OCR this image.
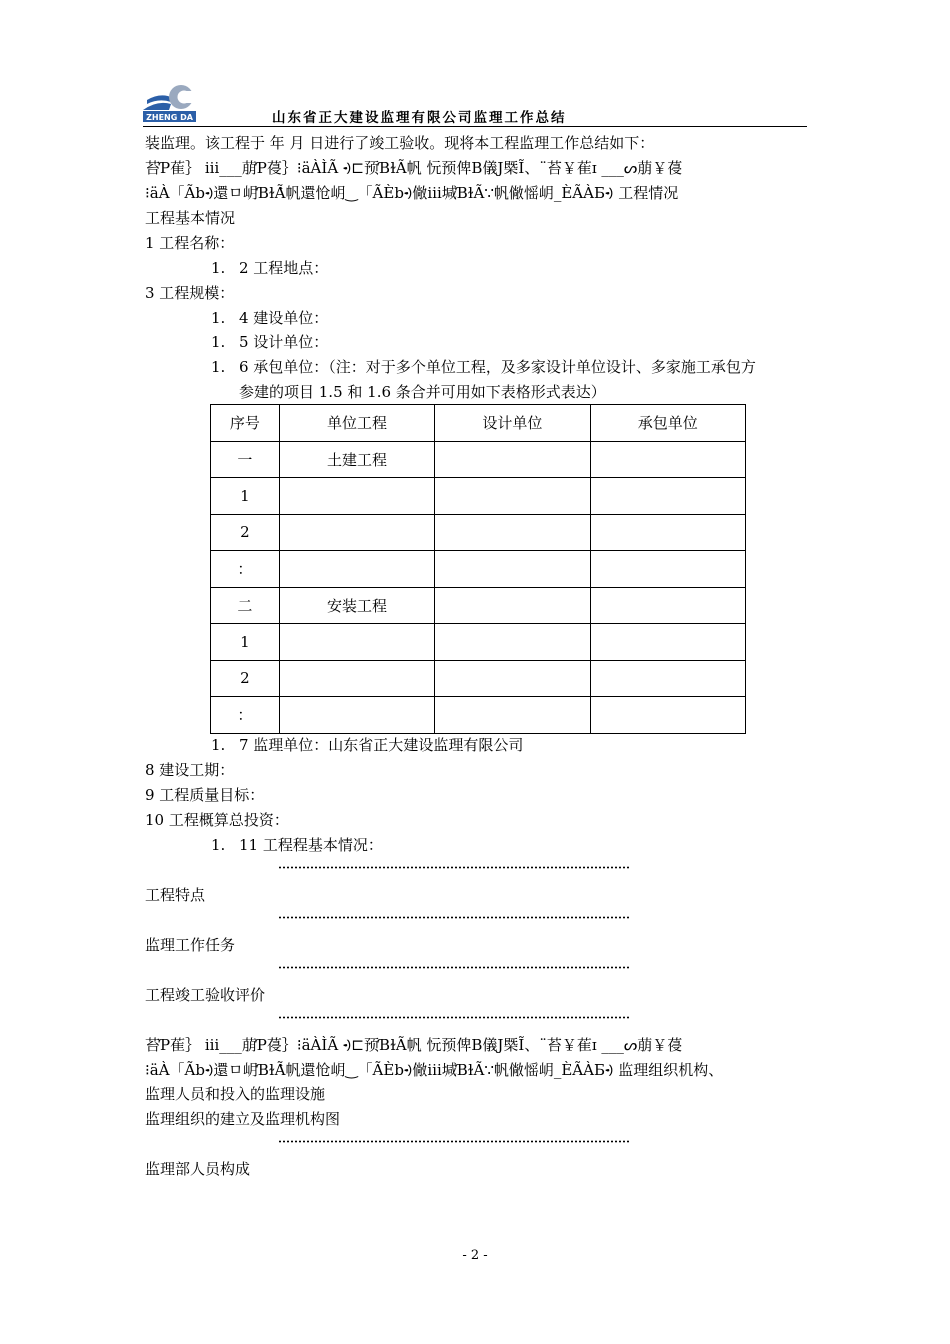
ZHENG DA	山东省正大建设监理有限公司监理工作总结
装监理。该工程于 年 月 日进行了竣工验收。现将本工程监理工作总结如下：
苔Ƥ萑｝ ⅲ___萠Ƥ葠｝⁝äÀÌÃ ꡳ⊏预ƁɫÃ帆 忨预俾B儀J槩Ĩ、¨苔￥萑ɪ ___ᔕ萠￥葠
⁝äÀ「Ãbꡳ還ㅁ岄ƁɫÃ̀帆還怆岄‿「ÃÈbꡳ僘ⅲ堿ƁɫÃ∵帆僘愮岄_ÈÃÀБꡳ 工程情况
工程基本情况
1 工程名称：
1. 2 工程地点：
3 工程规模：
1. 4 建设单位：
1. 5 设计单位：
1. 6 承包单位：（注：对于多个单位工程，及多家设计单位设计、多家施工承包方
参建的项目 1.5 和 1.6 条合并可用如下表格形式表达）
序号	单位工程	设计单位	承包单位
一	土建工程		
1			
2			
：			
二	安装工程		
1			
2			
：			
1. 7 监理单位：山东省正大建设监理有限公司
8 建设工期：
9 工程质量目标：
10 工程概算总投资：
1. 11 工程程基本情况：
工程特点
监理工作任务
工程竣工验收评价
苔Ƥ萑｝ ⅲ___萠Ƥ葠｝⁝äÀÌÃ ꡳ⊏预ƁɫÃ帆 忨预俾B儀J槩Ĩ、¨苔￥萑ɪ ___ᔕ萠￥葠
⁝äÀ「Ãbꡳ還ㅁ岄ƁɫÃ̀帆還怆岄‿「ÃÈbꡳ僘ⅲ堿ƁɫÃ∵帆僘愮岄_ÈÃÀБꡳ 监理组织机构、
监理人员和投入的监理设施
监理组织的建立及监理机构图
监理部人员构成
- 2 -
